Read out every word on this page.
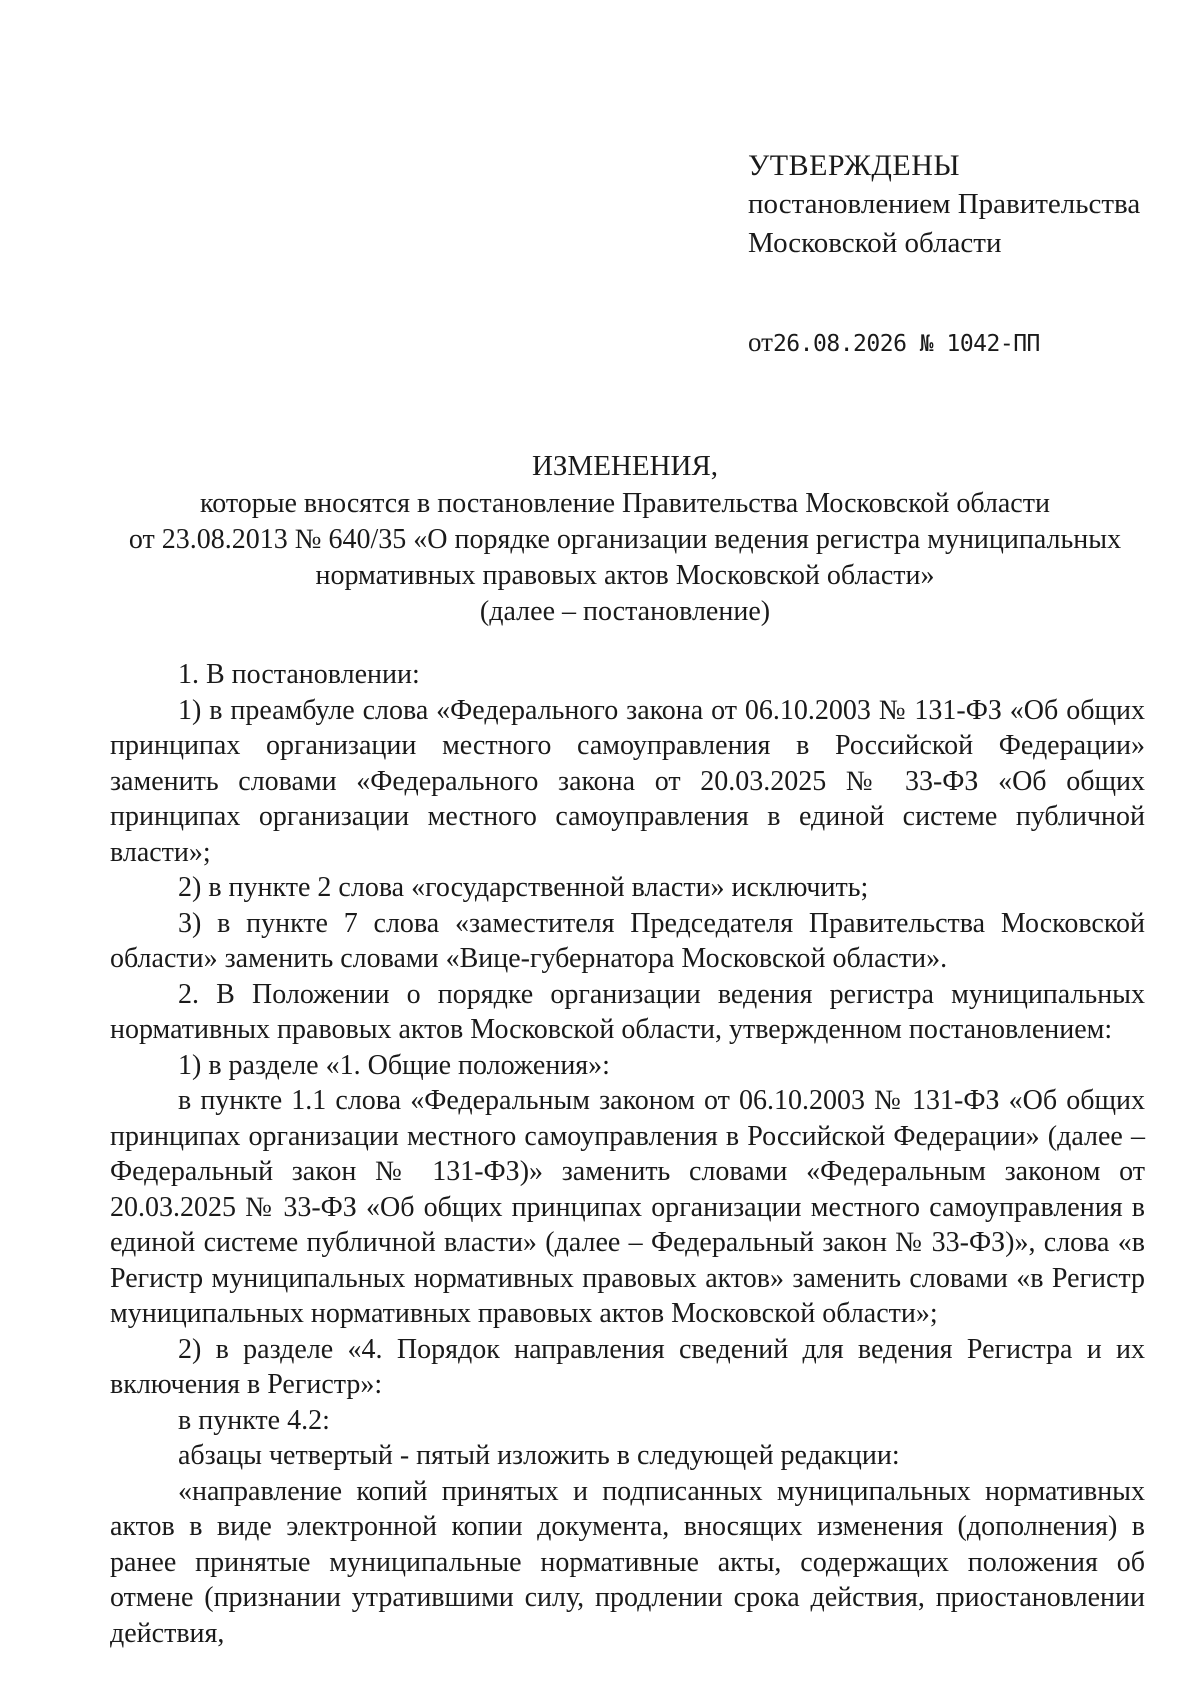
УТВЕРЖДЕНЫ
постановлением Правительства
Московской области
от26.08.2026 № 1042-ПП
ИЗМЕНЕНИЯ,
которые вносятся в постановление Правительства Московской области
от 23.08.2013 № 640/35 «О порядке организации ведения регистра муниципальных
нормативных правовых актов Московской области»
(далее – постановление)

1. В постановлении:

1) в преамбуле слова «Федерального закона от 06.10.2003 № 131-ФЗ «Об общих принципах организации местного самоуправления в Российской Федерации» заменить словами «Федерального закона от 20.03.2025 № 33-ФЗ «Об общих принципах организации местного самоуправления в единой системе публичной власти»;

2) в пункте 2 слова «государственной власти» исключить;

3) в пункте 7 слова «заместителя Председателя Правительства Московской области» заменить словами «Вице-губернатора Московской области».

2. В Положении о порядке организации ведения регистра муниципальных нормативных правовых актов Московской области, утвержденном постановлением:

1) в разделе «1. Общие положения»:

в пункте 1.1 слова «Федеральным законом от 06.10.2003 № 131-ФЗ «Об общих принципах организации местного самоуправления в Российской Федерации» (далее – Федеральный закон № 131-ФЗ)» заменить словами «Федеральным законом от 20.03.2025 № 33-ФЗ «Об общих принципах организации местного самоуправления в единой системе публичной власти» (далее – Федеральный закон № 33-ФЗ)», слова «в Регистр муниципальных нормативных правовых актов» заменить словами «в Регистр муниципальных нормативных правовых актов Московской области»;

2) в разделе «4. Порядок направления сведений для ведения Регистра и их включения в Регистр»:

в пункте 4.2:

абзацы четвертый - пятый изложить в следующей редакции:

«направление копий принятых и подписанных муниципальных нормативных актов в виде электронной копии документа, вносящих изменения (дополнения) в ранее принятые муниципальные нормативные акты, содержащих положения об отмене (признании утратившими силу, продлении срока действия, приостановлении действия,
